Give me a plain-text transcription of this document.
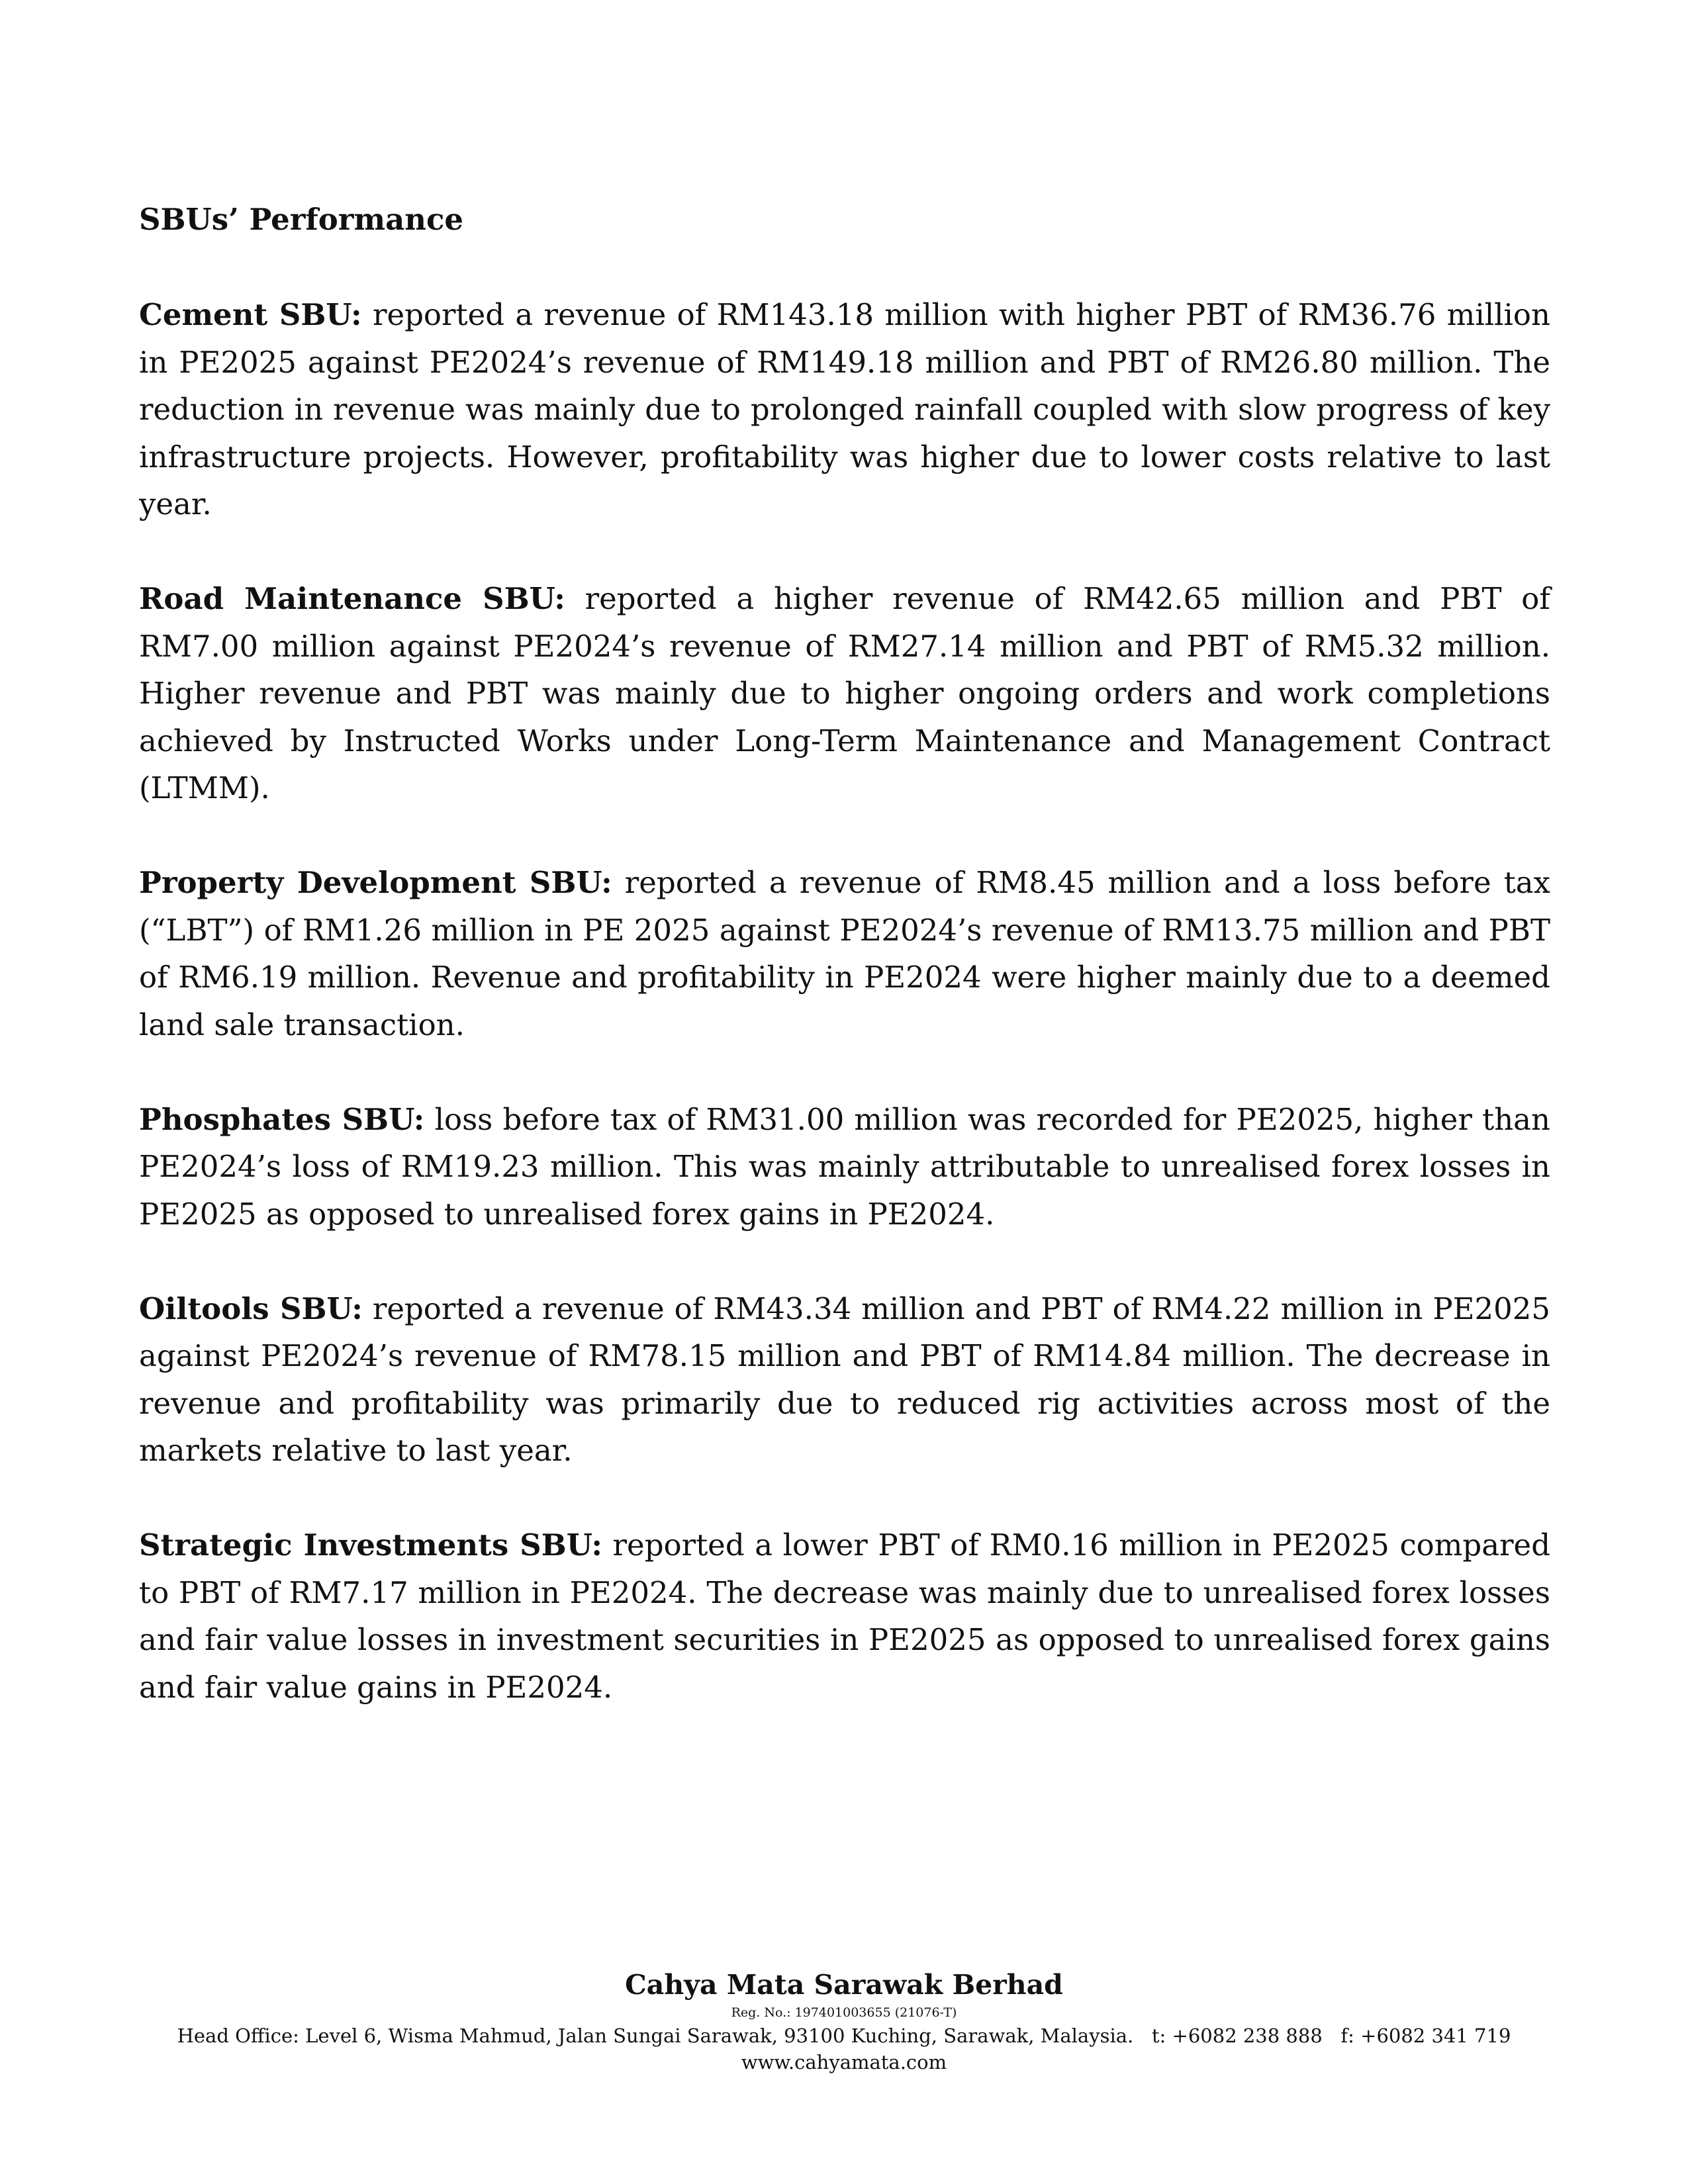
SBUs’ Performance

Cement SBU: reported a revenue of RM143.18 million with higher PBT of RM36.76 million in PE2025 against PE2024’s revenue of RM149.18 million and PBT of RM26.80 million. The reduction in revenue was mainly due to prolonged rainfall coupled with slow progress of key infrastructure projects. However, profitability was higher due to lower costs relative to last year.

Road Maintenance SBU: reported a higher revenue of RM42.65 million and PBT of RM7.00 million against PE2024’s revenue of RM27.14 million and PBT of RM5.32 million. Higher revenue and PBT was mainly due to higher ongoing orders and work completions achieved by Instructed Works under Long-Term Maintenance and Management Contract (LTMM).

Property Development SBU: reported a revenue of RM8.45 million and a loss before tax (“LBT”) of RM1.26 million in PE 2025 against PE2024’s revenue of RM13.75 million and PBT of RM6.19 million. Revenue and profitability in PE2024 were higher mainly due to a deemed land sale transaction.

Phosphates SBU: loss before tax of RM31.00 million was recorded for PE2025, higher than PE2024’s loss of RM19.23 million. This was mainly attributable to unrealised forex losses in PE2025 as opposed to unrealised forex gains in PE2024.

Oiltools SBU: reported a revenue of RM43.34 million and PBT of RM4.22 million in PE2025 against PE2024’s revenue of RM78.15 million and PBT of RM14.84 million. The decrease in revenue and profitability was primarily due to reduced rig activities across most of the markets relative to last year.

Strategic Investments SBU: reported a lower PBT of RM0.16 million in PE2025 compared to PBT of RM7.17 million in PE2024. The decrease was mainly due to unrealised forex losses and fair value losses in investment securities in PE2025 as opposed to unrealised forex gains and fair value gains in PE2024.

Cahya Mata Sarawak Berhad
Reg. No.: 197401003655 (21076-T)
Head Office: Level 6, Wisma Mahmud, Jalan Sungai Sarawak, 93100 Kuching, Sarawak, Malaysia.   t: +6082 238 888   f: +6082 341 719
www.cahyamata.com
